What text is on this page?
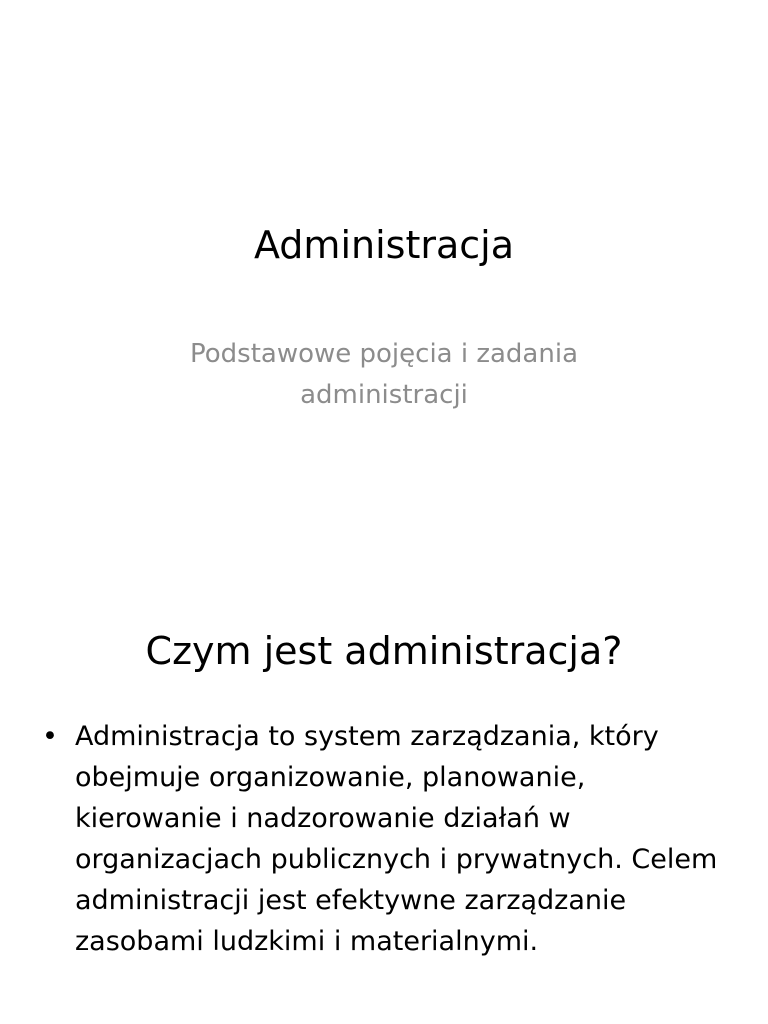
Administracja

Podstawowe pojęcia i zadania administracji

Czym jest administracja?
• Administracja to system zarządzania, który obejmuje organizowanie, planowanie, kierowanie i nadzorowanie działań w organizacjach publicznych i prywatnych. Celem administracji jest efektywne zarządzanie zasobami ludzkimi i materialnymi.
